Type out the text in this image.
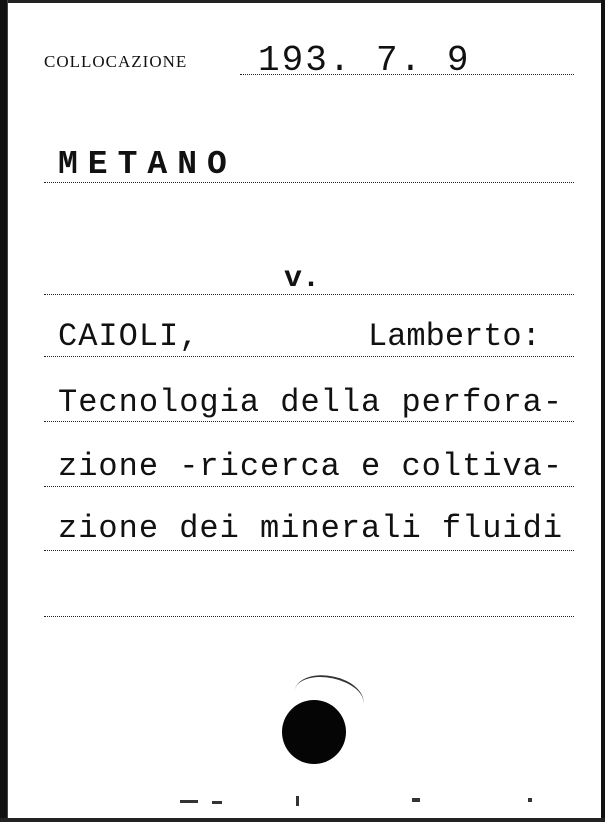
COLLOCAZIONE 193. 7. 9
METANO
v.
CAIOLI,	Lamberto:
Tecnologia della perfora-
zione -ricerca e coltiva-
zione dei minerali fluidi
